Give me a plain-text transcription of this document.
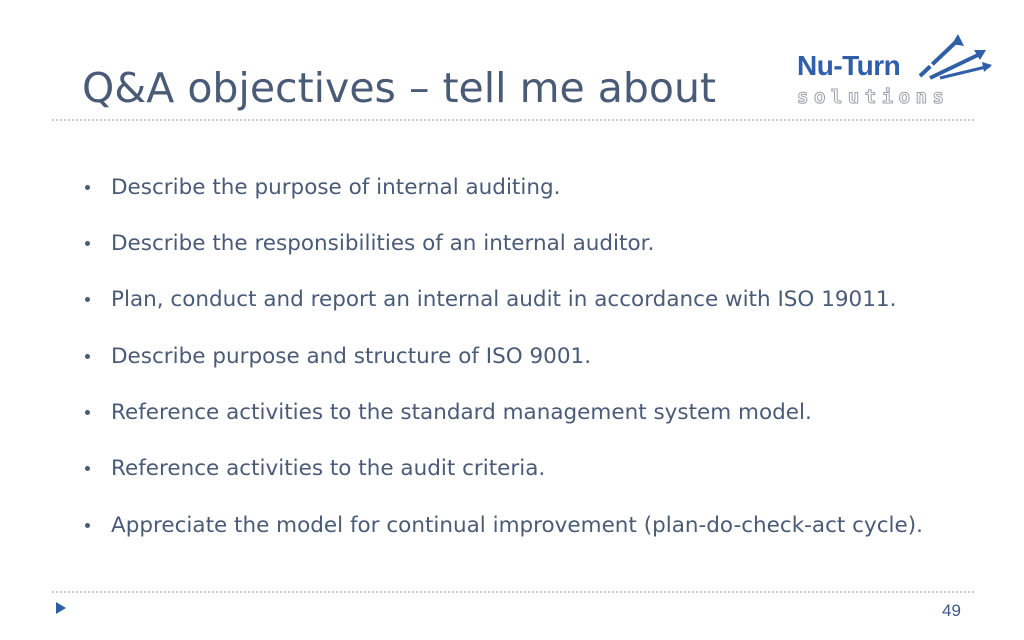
Q&A objectives – tell me about	Nu-Turn
solutions
Describe the purpose of internal auditing.
Describe the responsibilities of an internal auditor.
Plan, conduct and report an internal audit in accordance with ISO 19011.
Describe purpose and structure of ISO 9001.
Reference activities to the standard management system model.
Reference activities to the audit criteria.
Appreciate the model for continual improvement (plan-do-check-act cycle).
49
